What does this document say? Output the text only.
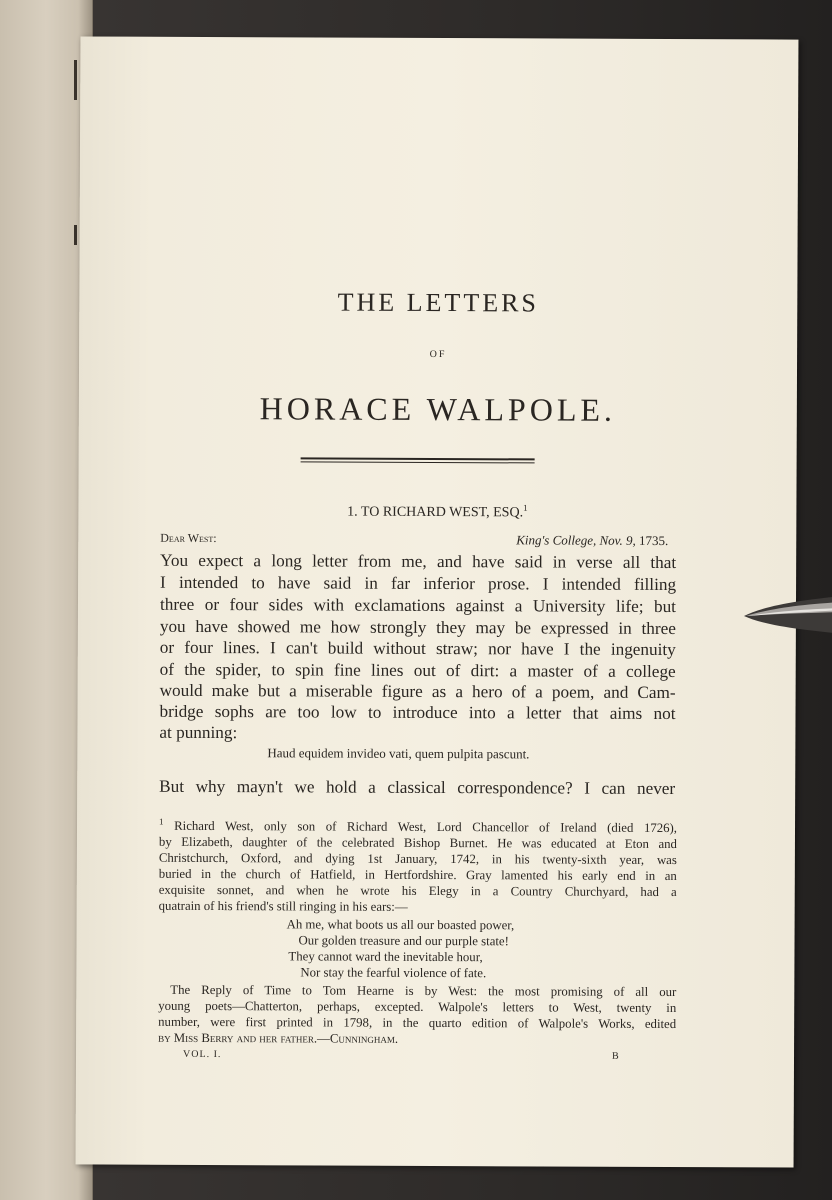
THE LETTERS
OF
HORACE WALPOLE.
1. TO RICHARD WEST, ESQ.$^1$
Dear West:	King's College, Nov. 9, 1735.
You expect a long letter from me, and have said in verse all that
I intended to have said in far inferior prose. I intended filling
three or four sides with exclamations against a University life; but
you have showed me how strongly they may be expressed in three
or four lines. I can't build without straw; nor have I the ingenuity
of the spider, to spin fine lines out of dirt: a master of a college
would make but a miserable figure as a hero of a poem, and Cam-
bridge sophs are too low to introduce into a letter that aims not
at punning:
Haud equidem invideo vati, quem pulpita pascunt.
But why mayn't we hold a classical correspondence? I can never
$^1$ Richard West, only son of Richard West, Lord Chancellor of Ireland (died 1726),
by Elizabeth, daughter of the celebrated Bishop Burnet. He was educated at Eton and
Christchurch, Oxford, and dying 1st January, 1742, in his twenty-sixth year, was
buried in the church of Hatfield, in Hertfordshire. Gray lamented his early end in an
exquisite sonnet, and when he wrote his Elegy in a Country Churchyard, had a
quatrain of his friend's still ringing in his ears:—
Ah me, what boots us all our boasted power,
Our golden treasure and our purple state!
They cannot ward the inevitable hour,
Nor stay the fearful violence of fate.
The Reply of Time to Tom Hearne is by West: the most promising of all our
young poets—Chatterton, perhaps, excepted. Walpole's letters to West, twenty in
number, were first printed in 1798, in the quarto edition of Walpole's Works, edited
by Miss Berry and her father.—Cunningham.
VOL. I.	B
